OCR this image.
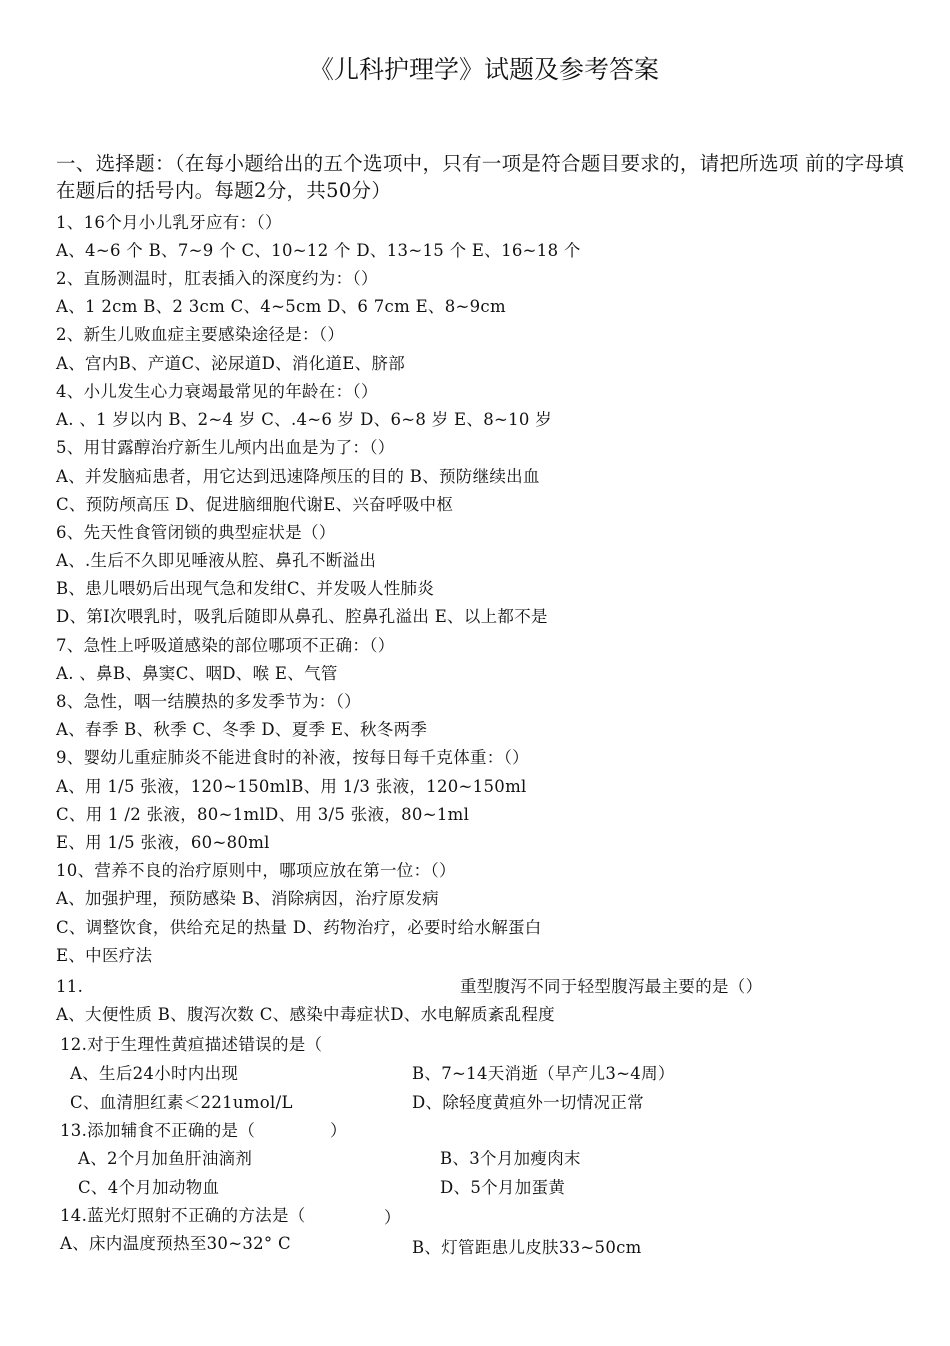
《儿科护理学》试题及参考答案
一、选择题：（在每小题给出的五个选项中，只有一项是符合题目要求的，请把所选项 前的字母填在题后的括号内。每题2分，共50分）
1、16个月小儿乳牙应有：（）
A、4~6 个 B、7~9 个 C、10~12 个 D、13~15 个 E、16~18 个
2、直肠测温时，肛表插入的深度约为：（）
A、1 2cm B、2 3cm C、4~5cm D、6 7cm E、8~9cm
2、新生儿败血症主要感染途径是：（）
A、宫内B、产道C、泌尿道D、消化道E、脐部
4、小儿发生心力衰竭最常见的年龄在：（）
A. 、1 岁以内 B、2~4 岁 C、.4~6 岁 D、6~8 岁 E、8~10 岁
5、用甘露醇治疗新生儿颅内出血是为了：（）
A、并发脑疝患者，用它达到迅速降颅压的目的 B、预防继续出血
C、预防颅高压 D、促进脑细胞代谢E、兴奋呼吸中枢
6、先天性食管闭锁的典型症状是（）
A、.生后不久即见唾液从腔、鼻孔不断溢出
B、患儿喂奶后出现气急和发绀C、并发吸人性肺炎
D、第I次喂乳时，吸乳后随即从鼻孔、腔鼻孔溢出 E、以上都不是
7、急性上呼吸道感染的部位哪项不正确：（）
A. 、鼻B、鼻窦C、咽D、喉 E、气管
8、急性，咽一结膜热的多发季节为：（）
A、春季 B、秋季 C、冬季 D、夏季 E、秋冬两季
9、婴幼儿重症肺炎不能进食时的补液，按每日每千克体重：（）
A、用 1/5 张液，120~150mlB、用 1/3 张液，120~150ml
C、用 1 /2 张液，80~1mlD、用 3/5 张液，80~1ml
E、用 1/5 张液，60~80ml
10、营养不良的治疗原则中，哪项应放在第一位：（）
A、加强护理，预防感染 B、消除病因，治疗原发病
C、调整饮食，供给充足的热量 D、药物治疗，必要时给水解蛋白
E、中医疗法
11.	重型腹泻不同于轻型腹泻最主要的是（）
A、大便性质 B、腹泻次数 C、感染中毒症状D、水电解质紊乱程度
12.对于生理性黄疸描述错误的是（
A、生后24小时内出现	B、7~14天消逝（早产儿3~4周）
C、血清胆红素＜221umol/L	D、除轻度黄疸外一切情况正常
13.添加辅食不正确的是（	）
A、2个月加鱼肝油滴剂	B、3个月加瘦肉末
C、4个月加动物血	D、5个月加蛋黄
14.蓝光灯照射不正确的方法是（	）
A、床内温度预热至30~32° C	B、灯管距患儿皮肤33~50cm
